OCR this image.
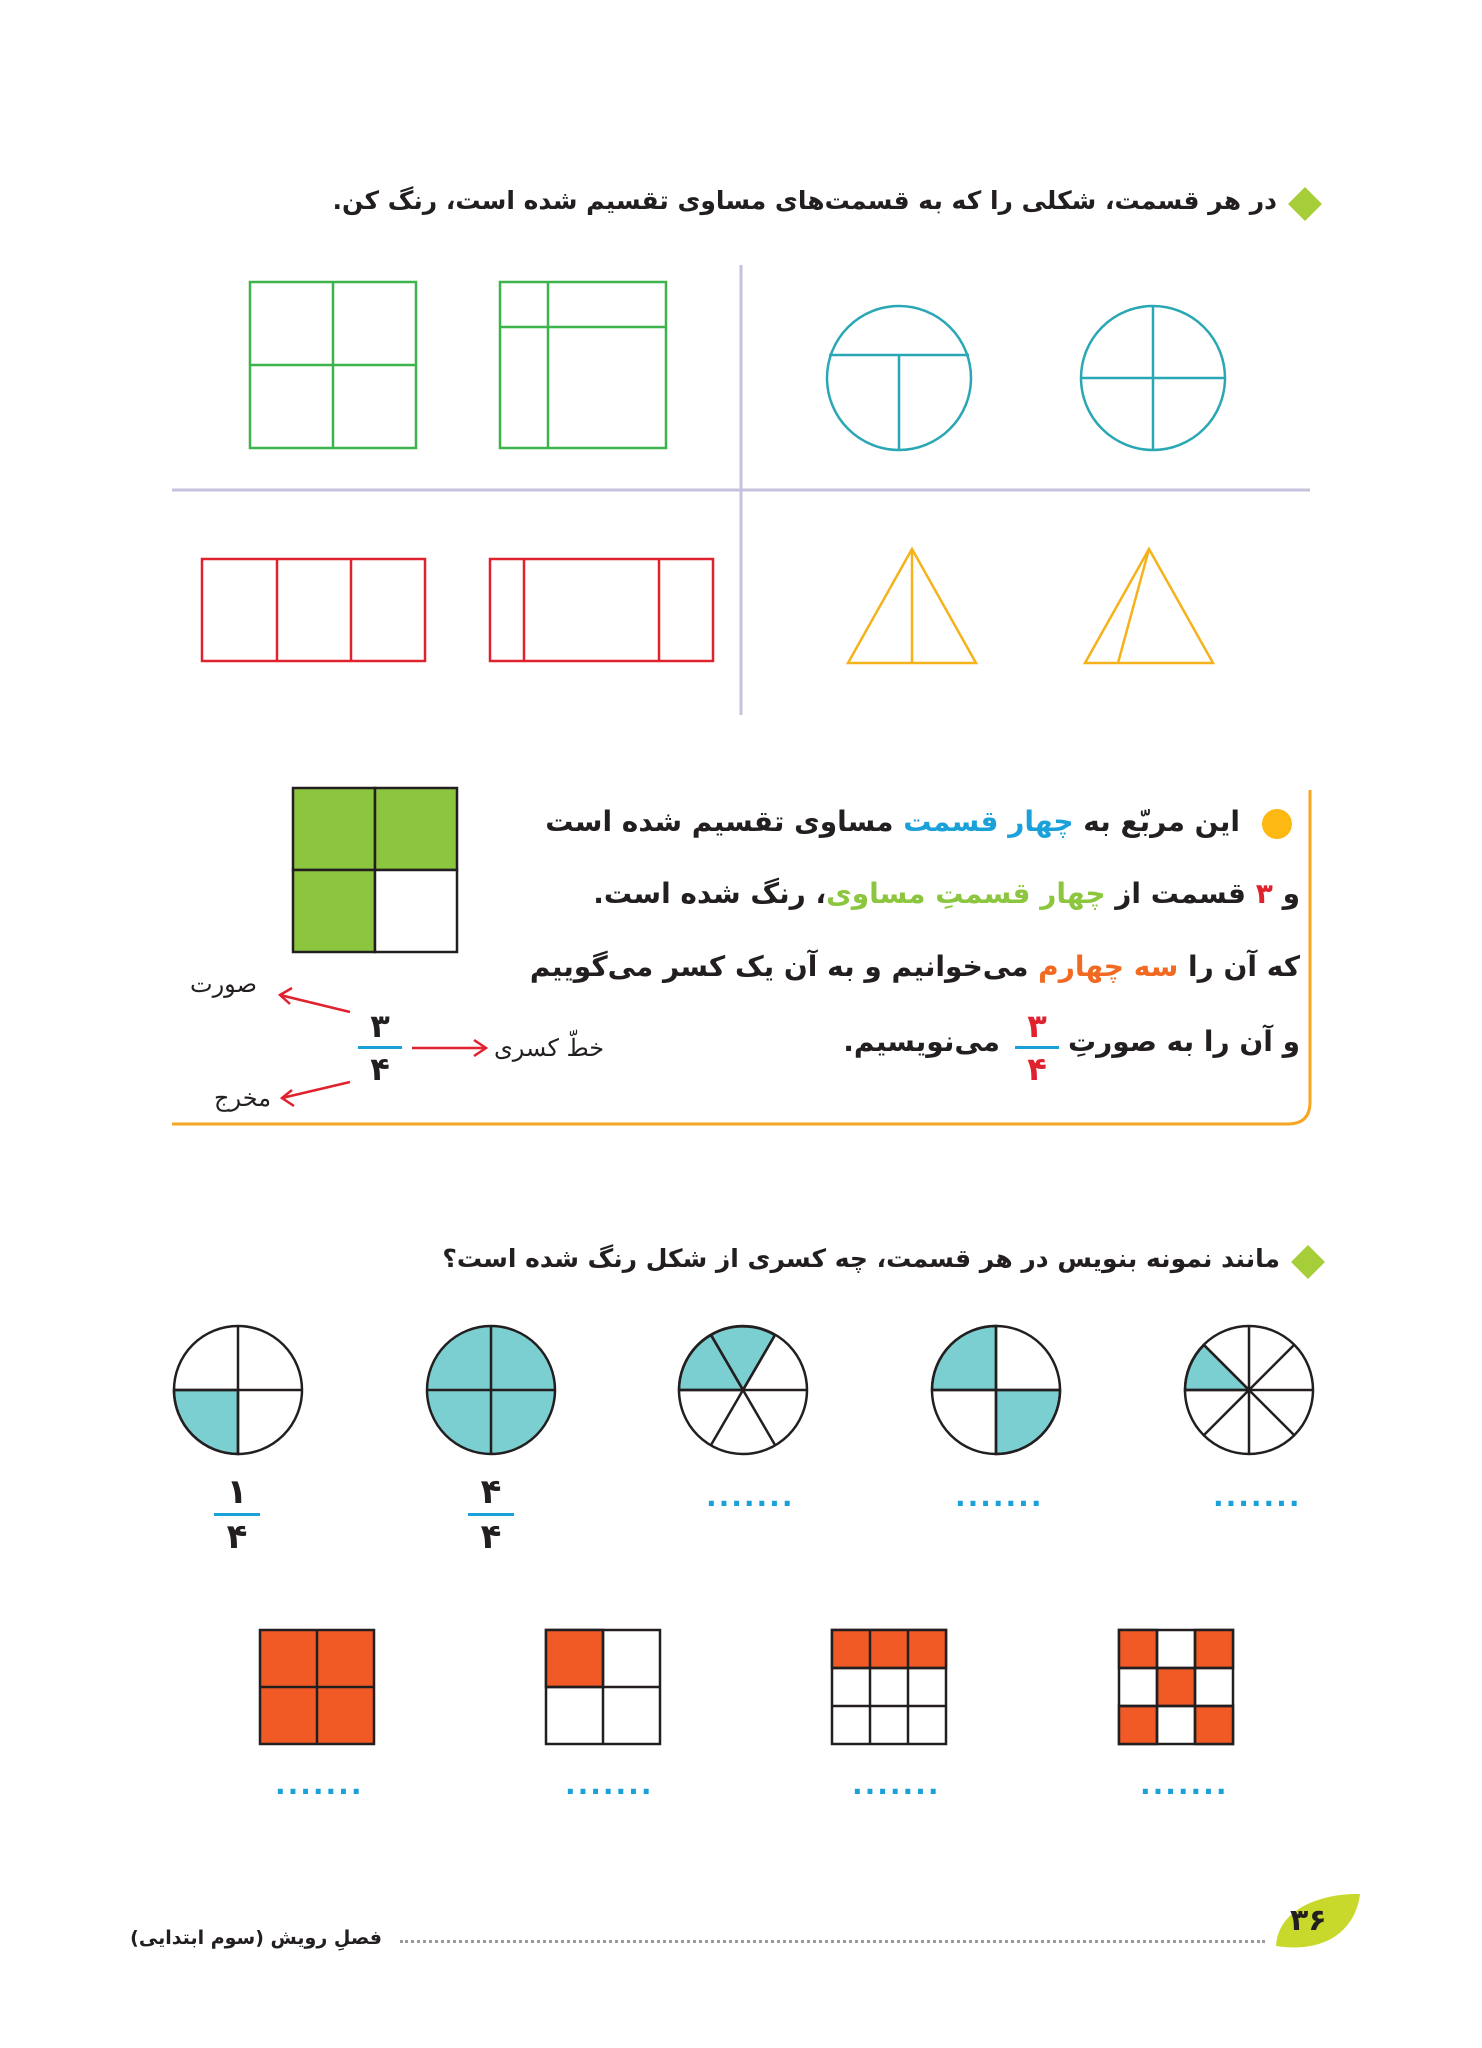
در هر قسمت، شکلی را که به قسمت‌های مساوی تقسیم شده است، رنگ کن.
این مربّع به چهار قسمت مساوی تقسیم شده است
و ۳ قسمت از چهار قسمتِ مساوی، رنگ شده است.
که آن را سه چهارم می‌خوانیم و به آن یک کسر می‌گوییم
و آن را به صورتِ
۳
۴
می‌نویسیم.
۳
۴
صورت
مخرج
خطّ کسری
مانند نمونه بنویس در هر قسمت، چه کسری از شکل رنگ شده است؟
۱
۴
۴
۴
.......	.......	.......
.......	.......	.......	.......
۳۶
فصلِ رویش (سوم ابتدایی)
